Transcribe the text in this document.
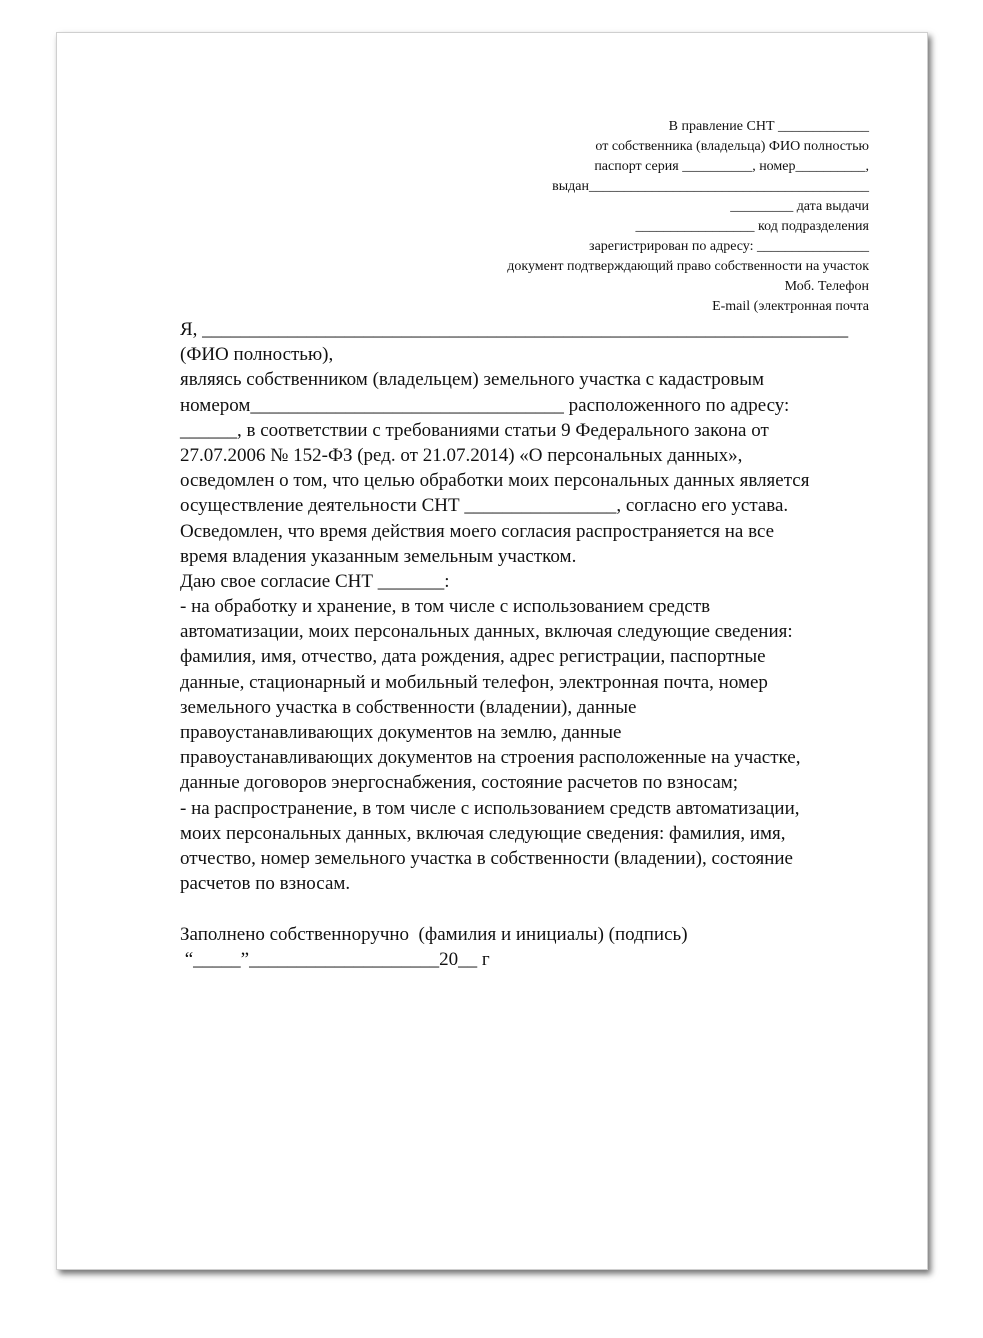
В правление СНТ _____________
от собственника (владельца) ФИО полностью
паспорт серия __________, номер__________,
выдан________________________________________
_________ дата выдачи
_________________ код подразделения
зарегистрирован по адресу: ________________
документ подтверждающий право собственности на участок
Моб. Телефон
E-mail (электронная почта
Я, ____________________________________________________________________
(ФИО полностью),
являясь собственником (владельцем) земельного участка с кадастровым
номером_________________________________ расположенного по адресу:
______, в соответствии с требованиями статьи 9 Федерального закона от
27.07.2006 № 152-ФЗ (ред. от 21.07.2014) «О персональных данных»,
осведомлен о том, что целью обработки моих персональных данных является
осуществление деятельности СНТ ________________, согласно его устава.
Осведомлен, что время действия моего согласия распространяется на все
время владения указанным земельным участком.
Даю свое согласие СНТ _______:
- на обработку и хранение, в том числе с использованием средств
автоматизации, моих персональных данных, включая следующие сведения:
фамилия, имя, отчество, дата рождения, адрес регистрации, паспортные
данные, стационарный и мобильный телефон, электронная почта, номер
земельного участка в собственности (владении), данные
правоустанавливающих документов на землю, данные
правоустанавливающих документов на строения расположенные на участке,
данные договоров энергоснабжения, состояние расчетов по взносам;
- на распространение, в том числе с использованием средств автоматизации,
моих персональных данных, включая следующие сведения: фамилия, имя,
отчество, номер земельного участка в собственности (владении), состояние
расчетов по взносам.
Заполнено собственноручно  (фамилия и инициалы) (подпись)
“_____”____________________20__ г
